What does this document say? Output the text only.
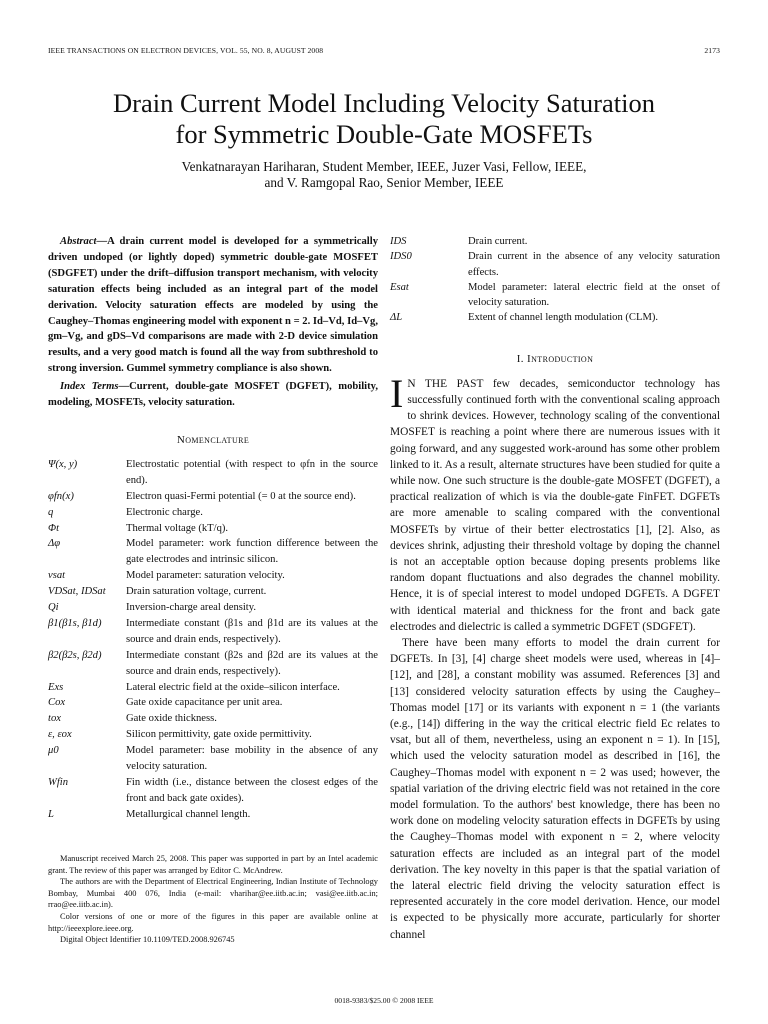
IEEE TRANSACTIONS ON ELECTRON DEVICES, VOL. 55, NO. 8, AUGUST 2008	2173
Drain Current Model Including Velocity Saturation
for Symmetric Double-Gate MOSFETs
Venkatnarayan Hariharan, Student Member, IEEE, Juzer Vasi, Fellow, IEEE,
and V. Ramgopal Rao, Senior Member, IEEE

Abstract—A drain current model is developed for a symmetrically driven undoped (or lightly doped) symmetric double-gate MOSFET (SDGFET) under the drift–diffusion transport mechanism, with velocity saturation effects being included as an integral part of the model derivation. Velocity saturation effects are modeled by using the Caughey–Thomas engineering model with exponent n = 2. Id–Vd, Id–Vg, gm–Vg, and gDS–Vd comparisons are made with 2-D device simulation results, and a very good match is found all the way from subthreshold to strong inversion. Gummel symmetry compliance is also shown.

Index Terms—Current, double-gate MOSFET (DGFET), mobility, modeling, MOSFETs, velocity saturation.

Nomenclature
Ψ(x, y)	Electrostatic potential (with respect to φfn in the source end).
φfn(x)	Electron quasi-Fermi potential (= 0 at the source end).
q	Electronic charge.
Φt	Thermal voltage (kT/q).
Δφ	Model parameter: work function difference between the gate electrodes and intrinsic silicon.
vsat	Model parameter: saturation velocity.
VDSat, IDSat	Drain saturation voltage, current.
Qi	Inversion-charge areal density.
β1(β1s, β1d)	Intermediate constant (β1s and β1d are its values at the source and drain ends, respectively).
β2(β2s, β2d)	Intermediate constant (β2s and β2d are its values at the source and drain ends, respectively).
Exs	Lateral electric field at the oxide–silicon interface.
Cox	Gate oxide capacitance per unit area.
tox	Gate oxide thickness.
ε, εox	Silicon permittivity, gate oxide permittivity.
μ0	Model parameter: base mobility in the absence of any velocity saturation.
Wfin	Fin width (i.e., distance between the closest edges of the front and back gate oxides).
L	Metallurgical channel length.

Manuscript received March 25, 2008. This paper was supported in part by an Intel academic grant. The review of this paper was arranged by Editor C. McAndrew.

The authors are with the Department of Electrical Engineering, Indian Institute of Technology Bombay, Mumbai 400 076, India (e-mail: vharihar@ee.iitb.ac.in; vasi@ee.iitb.ac.in; rrao@ee.iitb.ac.in).

Color versions of one or more of the figures in this paper are available online at http://ieeexplore.ieee.org.

Digital Object Identifier 10.1109/TED.2008.926745

IDS	Drain current.
IDS0	Drain current in the absence of any velocity saturation effects.
Esat	Model parameter: lateral electric field at the onset of velocity saturation.
ΔL	Extent of channel length modulation (CLM).
I. Introduction

I N THE PAST few decades, semiconductor technology has successfully continued forth with the conventional scaling approach to shrink devices. However, technology scaling of the conventional MOSFET is reaching a point where there are numerous issues with it going forward, and any suggested work-around has some other problem linked to it. As a result, alternate structures have been studied for quite a while now. One such structure is the double-gate MOSFET (DGFET), a practical realization of which is via the double-gate FinFET. DGFETs are more amenable to scaling compared with the conventional MOSFETs by virtue of their better electrostatics [1], [2]. Also, as devices shrink, adjusting their threshold voltage by doping the channel is not an acceptable option because doping presents problems like random dopant fluctuations and also degrades the channel mobility. Hence, it is of special interest to model undoped DGFETs. A DGFET with identical material and thickness for the front and back gate electrodes and dielectric is called a symmetric DGFET (SDGFET).

There have been many efforts to model the drain current for DGFETs. In [3], [4] charge sheet models were used, whereas in [4]–[12], and [28], a constant mobility was assumed. References [3] and [13] considered velocity saturation effects by using the Caughey–Thomas model [17] or its variants with exponent n = 1 (the variants (e.g., [14]) differing in the way the critical electric field Ec relates to vsat, but all of them, nevertheless, using an exponent n = 1). In [15], which used the velocity saturation model as described in [16], the Caughey–Thomas model with exponent n = 2 was used; however, the spatial variation of the driving electric field was not retained in the core model formulation. To the authors' best knowledge, there has been no work done on modeling velocity saturation effects in DGFETs by using the Caughey–Thomas model with exponent n = 2, where velocity saturation effects are included as an integral part of the model derivation. The key novelty in this paper is that the spatial variation of the lateral electric field driving the velocity saturation effect is represented accurately in the core model derivation. Hence, our model is expected to be physically more accurate, particularly for shorter channel

0018-9383/$25.00 © 2008 IEEE
